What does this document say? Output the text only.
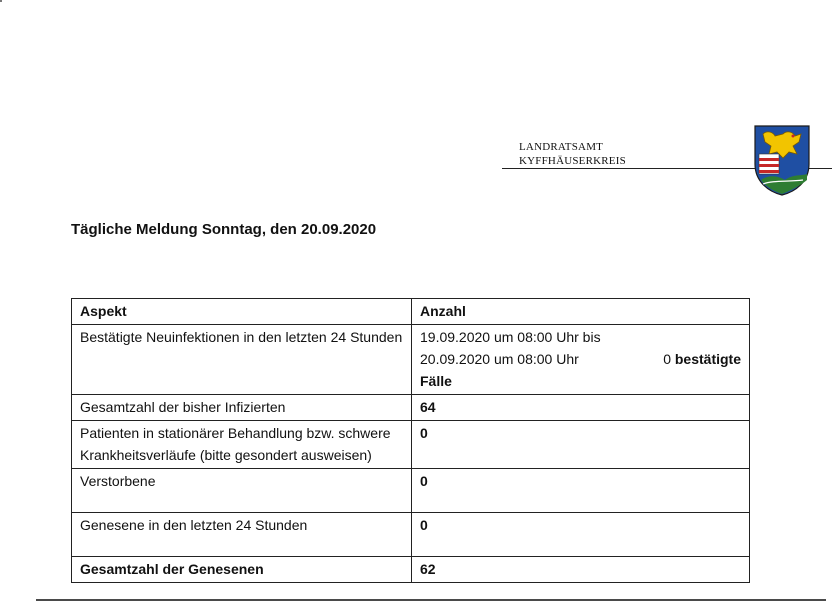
LANDRATSAMT
KYFFHÄUSERKREIS
Tägliche Meldung Sonntag, den 20.09.2020
Aspekt	Anzahl
Bestätigte Neuinfektionen in den letzten 24 Stunden	19.09.2020 um 08:00 Uhr bis
20.09.2020 um 08:00 Uhr 0 bestätigte
Fälle

Gesamtzahl der bisher Infizierten	64
Patienten in stationärer Behandlung bzw. schwere Krankheitsverläufe (bitte gesondert ausweisen)	0
Verstorbene	0
Genesene in den letzten 24 Stunden	0
Gesamtzahl der Genesenen	62
